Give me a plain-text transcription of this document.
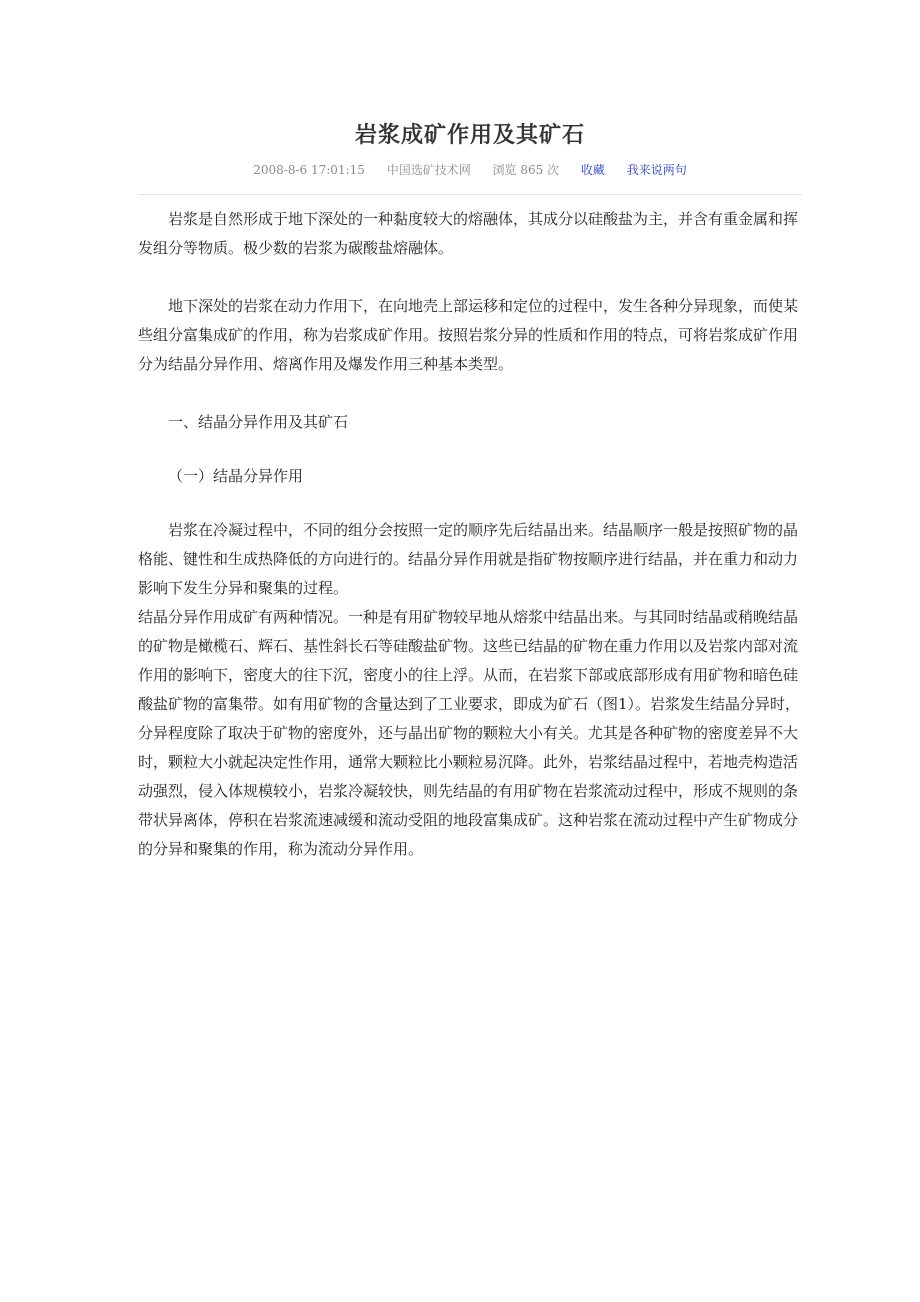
岩浆成矿作用及其矿石
2008-8-6 17:01:15 中国选矿技术网 浏览 865 次 收藏 我来说两句

岩浆是自然形成于地下深处的一种黏度较大的熔融体，其成分以硅酸盐为主，并含有重金属和挥发组分等物质。极少数的岩浆为碳酸盐熔融体。

地下深处的岩浆在动力作用下，在向地壳上部运移和定位的过程中，发生各种分异现象，而使某些组分富集成矿的作用，称为岩浆成矿作用。按照岩浆分异的性质和作用的特点，可将岩浆成矿作用分为结晶分异作用、熔离作用及爆发作用三种基本类型。

一、结晶分异作用及其矿石

（一）结晶分异作用

岩浆在冷凝过程中，不同的组分会按照一定的顺序先后结晶出来。结晶顺序一般是按照矿物的晶格能、键性和生成热降低的方向进行的。结晶分异作用就是指矿物按顺序进行结晶，并在重力和动力影响下发生分异和聚集的过程。

结晶分异作用成矿有两种情况。一种是有用矿物较早地从熔浆中结晶出来。与其同时结晶或稍晚结晶的矿物是橄榄石、辉石、基性斜长石等硅酸盐矿物。这些已结晶的矿物在重力作用以及岩浆内部对流作用的影响下，密度大的往下沉，密度小的往上浮。从而，在岩浆下部或底部形成有用矿物和暗色硅酸盐矿物的富集带。如有用矿物的含量达到了工业要求，即成为矿石（图1）。岩浆发生结晶分异时，分异程度除了取决于矿物的密度外，还与晶出矿物的颗粒大小有关。尤其是各种矿物的密度差异不大时，颗粒大小就起决定性作用，通常大颗粒比小颗粒易沉降。此外，岩浆结晶过程中，若地壳构造活动强烈，侵入体规模较小，岩浆冷凝较快，则先结晶的有用矿物在岩浆流动过程中，形成不规则的条带状异离体，停积在岩浆流速减缓和流动受阻的地段富集成矿。这种岩浆在流动过程中产生矿物成分的分异和聚集的作用，称为流动分异作用。
